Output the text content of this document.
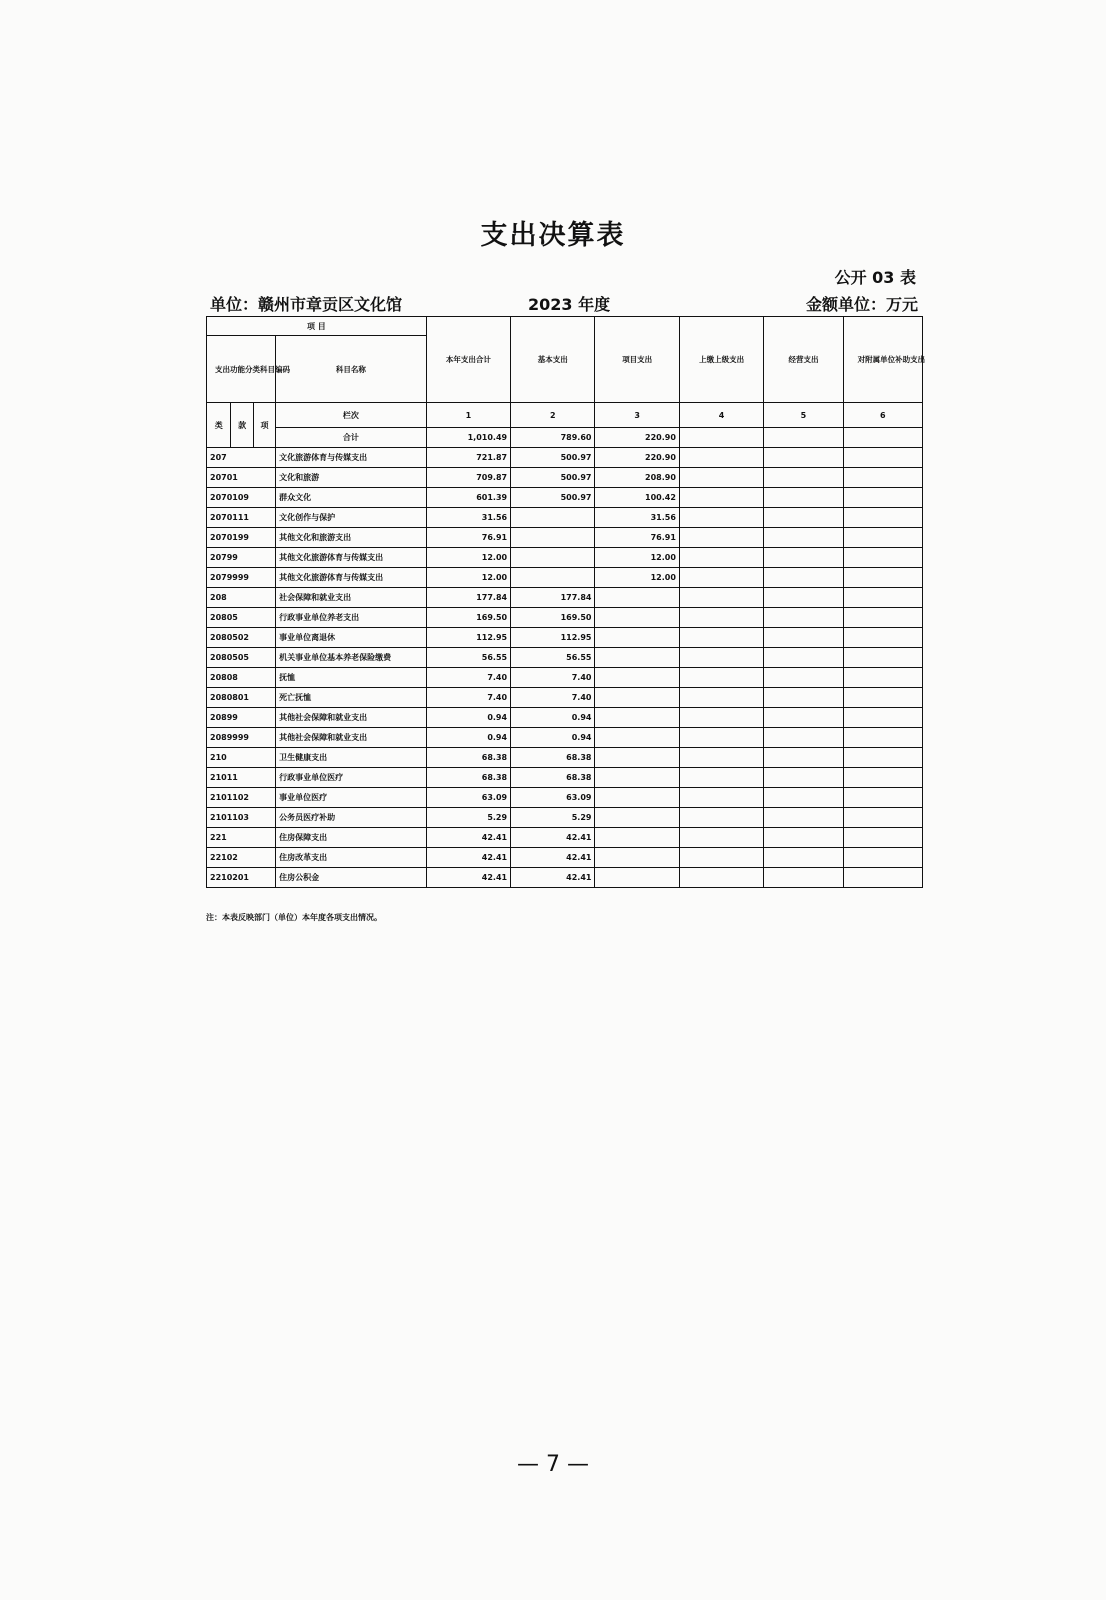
支出决算表
公开 03 表
单位：赣州市章贡区文化馆	2023 年度	金额单位：万元
项 目				本年支出合计	基本支出	项目支出	上缴上级支出	经营支出	对附属单位补助支出
支出功能分类科目编码			科目名称						
类	款	项	栏次	1	2	3	4	5	6
			合计	1,010.49	789.60	220.90			
207			文化旅游体育与传媒支出	721.87	500.97	220.90			
20701			文化和旅游	709.87	500.97	208.90			
2070109			群众文化	601.39	500.97	100.42			
2070111			文化创作与保护	31.56		31.56			
2070199			其他文化和旅游支出	76.91		76.91			
20799			其他文化旅游体育与传媒支出	12.00		12.00			
2079999			其他文化旅游体育与传媒支出	12.00		12.00			
208			社会保障和就业支出	177.84	177.84				
20805			行政事业单位养老支出	169.50	169.50				
2080502			事业单位离退休	112.95	112.95				
2080505			机关事业单位基本养老保险缴费	56.55	56.55				
20808			抚恤	7.40	7.40				
2080801			死亡抚恤	7.40	7.40				
20899			其他社会保障和就业支出	0.94	0.94				
2089999			其他社会保障和就业支出	0.94	0.94				
210			卫生健康支出	68.38	68.38				
21011			行政事业单位医疗	68.38	68.38				
2101102			事业单位医疗	63.09	63.09				
2101103			公务员医疗补助	5.29	5.29				
221			住房保障支出	42.41	42.41				
22102			住房改革支出	42.41	42.41				
2210201			住房公积金	42.41	42.41				
注：本表反映部门（单位）本年度各项支出情况。
— 7 —
